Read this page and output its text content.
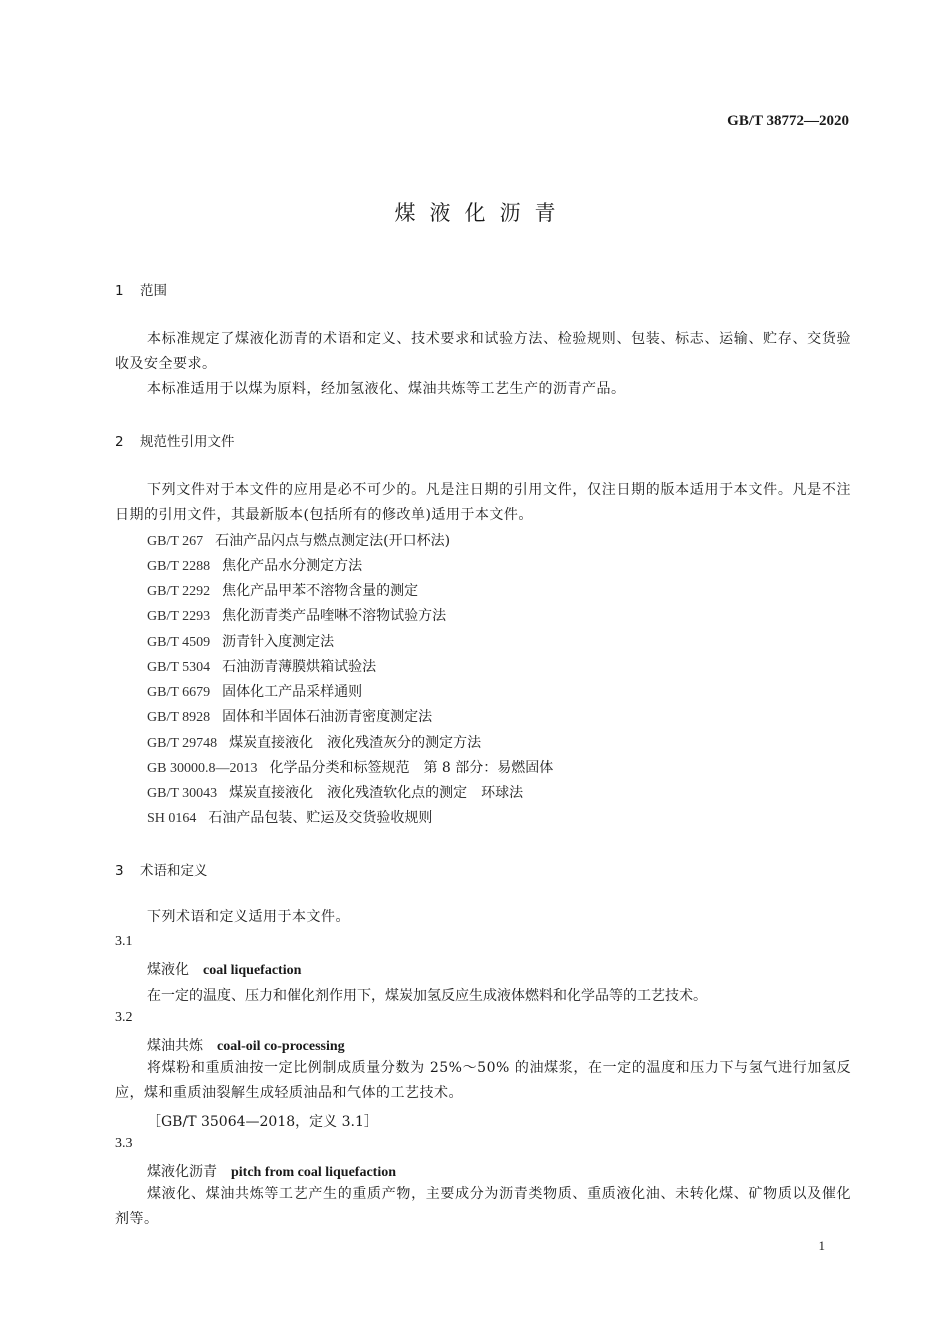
GB/T 38772—2020
煤液化沥青
1 范围
本标准规定了煤液化沥青的术语和定义、技术要求和试验方法、检验规则、包装、标志、运输、贮存、交货验收及安全要求。
本标准适用于以煤为原料，经加氢液化、煤油共炼等工艺生产的沥青产品。
2 规范性引用文件
下列文件对于本文件的应用是必不可少的。凡是注日期的引用文件，仅注日期的版本适用于本文件。凡是不注日期的引用文件，其最新版本(包括所有的修改单)适用于本文件。
GB/T 267 石油产品闪点与燃点测定法(开口杯法)
GB/T 2288 焦化产品水分测定方法
GB/T 2292 焦化产品甲苯不溶物含量的测定
GB/T 2293 焦化沥青类产品喹啉不溶物试验方法
GB/T 4509 沥青针入度测定法
GB/T 5304 石油沥青薄膜烘箱试验法
GB/T 6679 固体化工产品采样通则
GB/T 8928 固体和半固体石油沥青密度测定法
GB/T 29748 煤炭直接液化　液化残渣灰分的测定方法
GB 30000.8—2013 化学品分类和标签规范　第 8 部分：易燃固体
GB/T 30043 煤炭直接液化　液化残渣软化点的测定　环球法
SH 0164 石油产品包装、贮运及交货验收规则
3 术语和定义
下列术语和定义适用于本文件。
3.1
煤液化 coal liquefaction
在一定的温度、压力和催化剂作用下，煤炭加氢反应生成液体燃料和化学品等的工艺技术。
3.2
煤油共炼 coal-oil co-processing
将煤粉和重质油按一定比例制成质量分数为 25%～50% 的油煤浆，在一定的温度和压力下与氢气进行加氢反应，煤和重质油裂解生成轻质油品和气体的工艺技术。
［GB/T 35064—2018，定义 3.1］
3.3
煤液化沥青 pitch from coal liquefaction
煤液化、煤油共炼等工艺产生的重质产物，主要成分为沥青类物质、重质液化油、未转化煤、矿物质以及催化剂等。
1
